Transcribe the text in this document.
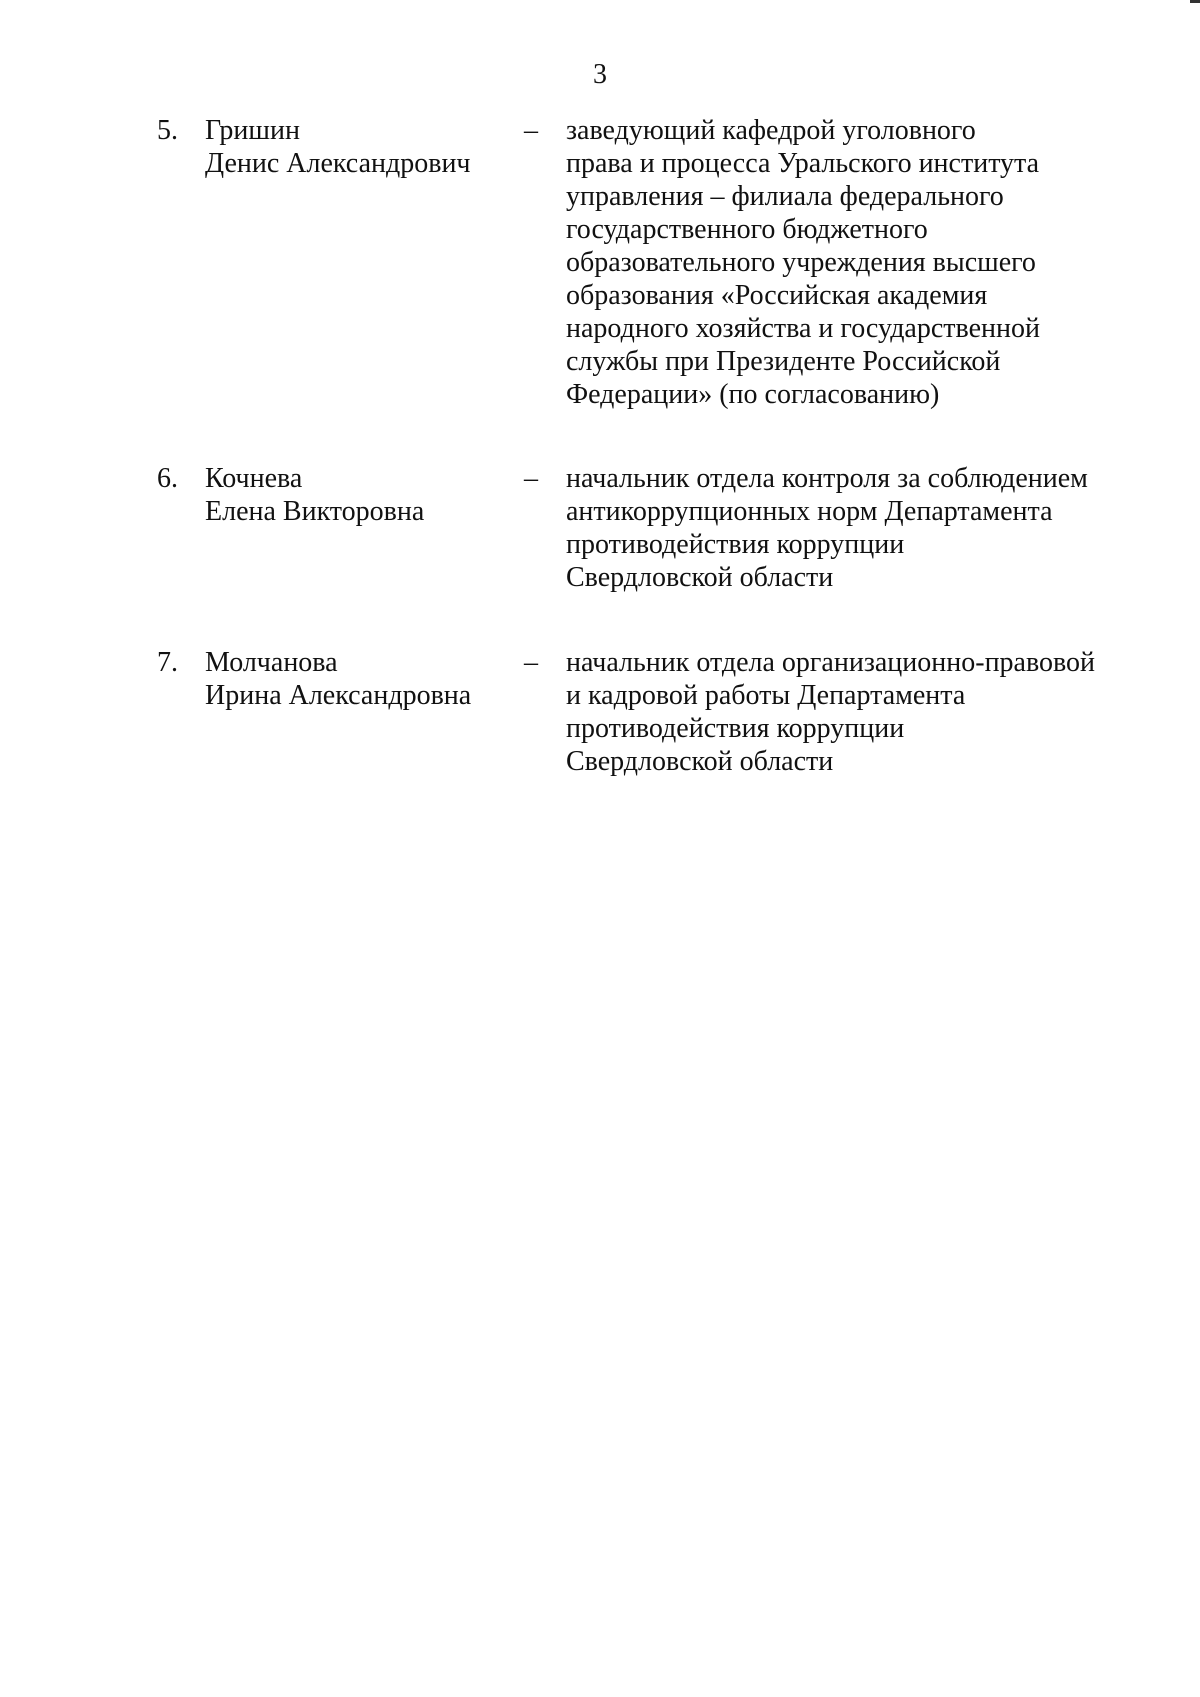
3
5. Гришин
Денис Александрович
– заведующий кафедрой уголовного
права и процесса Уральского института
управления – филиала федерального
государственного бюджетного
образовательного учреждения высшего
образования «Российская академия
народного хозяйства и государственной
службы при Президенте Российской
Федерации» (по согласованию)
6. Кочнева
Елена Викторовна
– начальник отдела контроля за соблюдением
антикоррупционных норм Департамента
противодействия коррупции
Свердловской области
7. Молчанова
Ирина Александровна
– начальник отдела организационно-правовой
и кадровой работы Департамента
противодействия коррупции
Свердловской области
